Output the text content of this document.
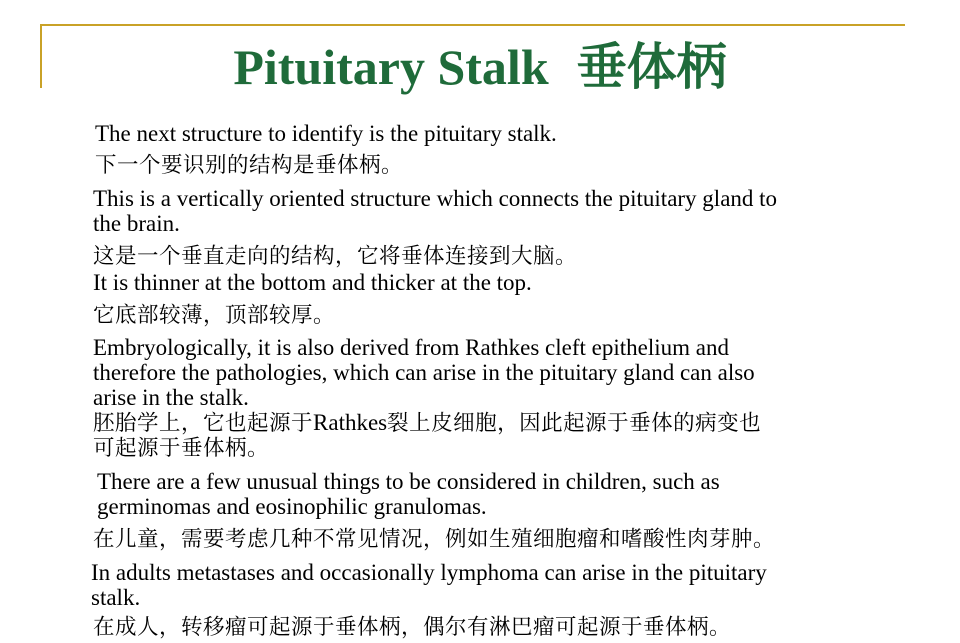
Pituitary Stalk 垂体柄

The next structure to identify is the pituitary stalk.

下一个要识别的结构是垂体柄。

This is a vertically oriented structure which connects the pituitary gland to
the brain.

这是一个垂直走向的结构，它将垂体连接到大脑。

It is thinner at the bottom and thicker at the top.

它底部较薄，顶部较厚。

Embryologically, it is also derived from Rathkes cleft epithelium and
therefore the pathologies, which can arise in the pituitary gland can also
arise in the stalk.
胚胎学上，它也起源于Rathkes裂上皮细胞，因此起源于垂体的病变也
可起源于垂体柄。
There are a few unusual things to be considered in children, such as
germinomas and eosinophilic granulomas.

在儿童，需要考虑几种不常见情况，例如生殖细胞瘤和嗜酸性肉芽肿。

In adults metastases and occasionally lymphoma can arise in the pituitary
stalk.

在成人，转移瘤可起源于垂体柄，偶尔有淋巴瘤可起源于垂体柄。
